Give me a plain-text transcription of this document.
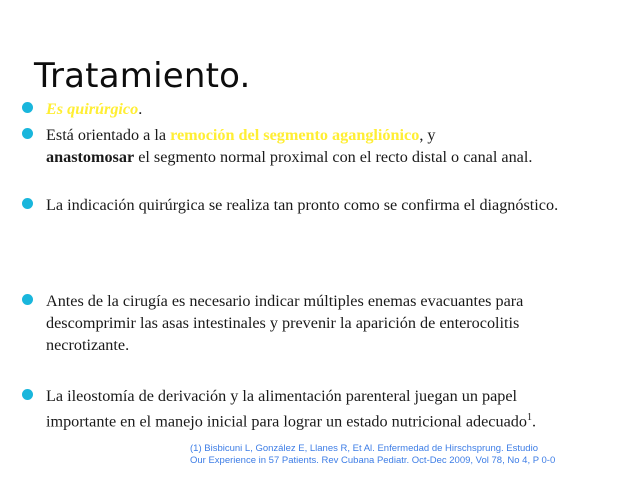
Tratamiento.
Es quirúrgico.
Está orientado a la remoción del segmento agangliónico, y
anastomosar el segmento normal proximal con el recto distal o canal anal.
La indicación quirúrgica se realiza tan pronto como se confirma el diagnóstico.
Antes de la cirugía es necesario indicar múltiples enemas evacuantes para descomprimir las asas intestinales y prevenir la aparición de enterocolitis necrotizante.
La ileostomía de derivación y la alimentación parenteral juegan un papel importante en el manejo inicial para lograr un estado nutricional adecuado$^1$.
(1) Bisbicuni L, González E, Llanes R, Et Al. Enfermedad de Hirschsprung. Estudio
Our Experience in 57 Patients. Rev Cubana Pediatr. Oct-Dec 2009, Vol 78, No 4, P 0-0
